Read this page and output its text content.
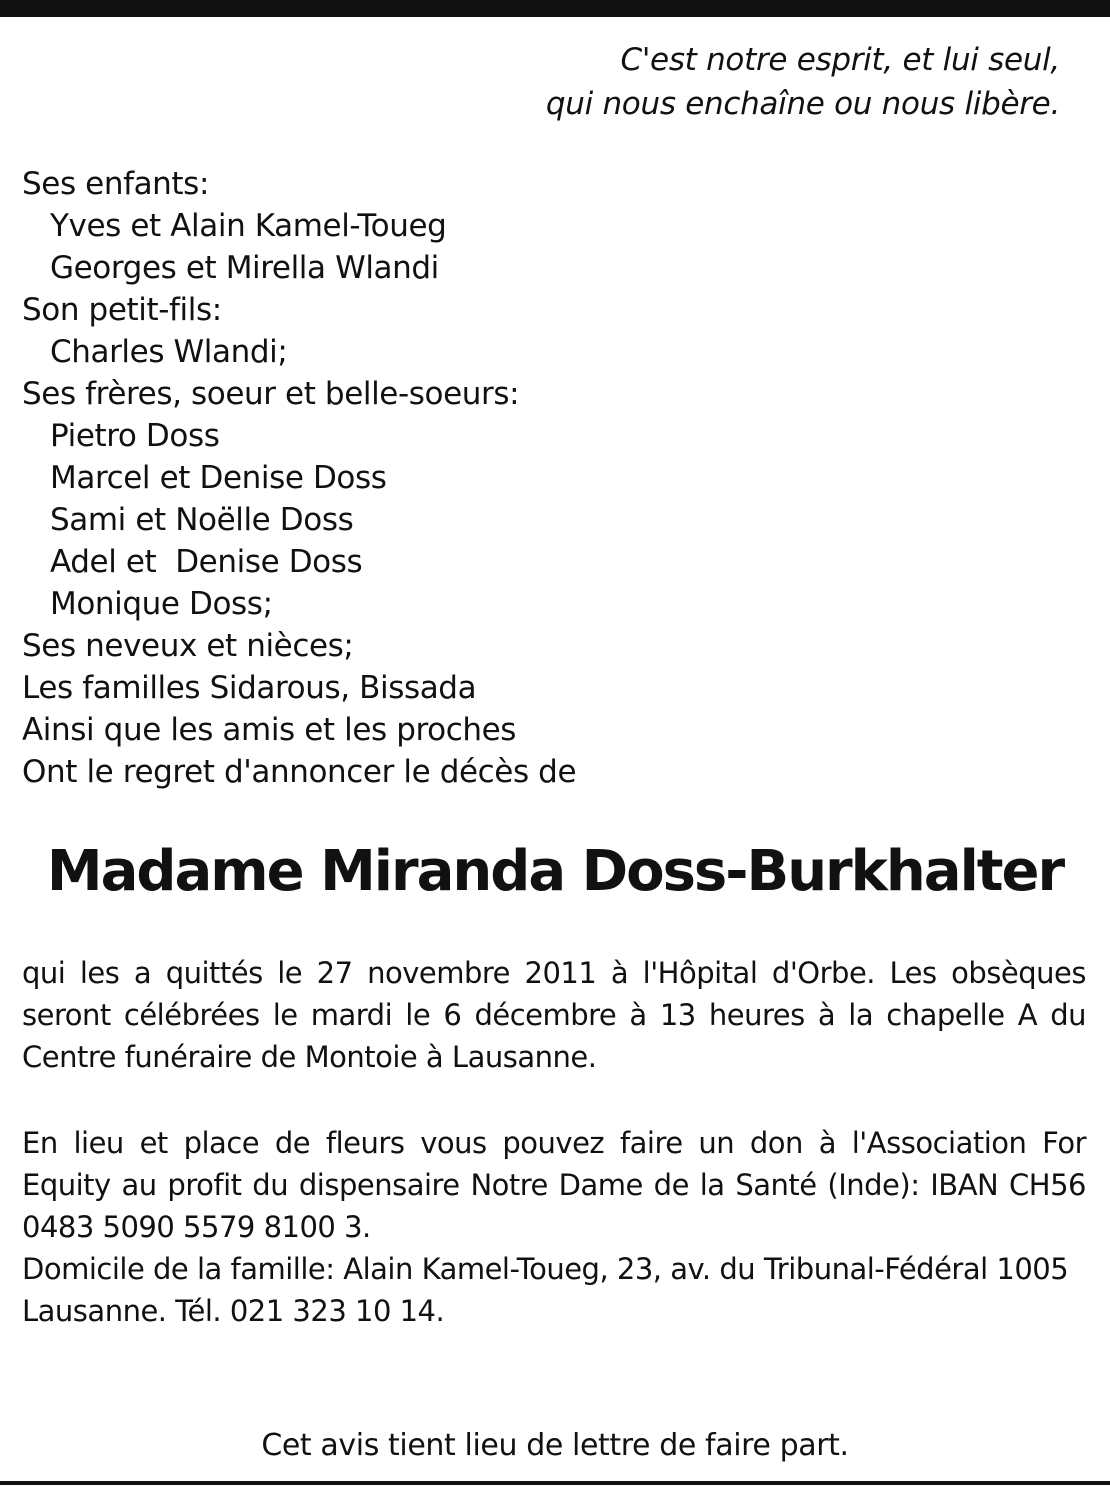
C'est notre esprit, et lui seul,
qui nous enchaîne ou nous libère.
Ses enfants:
Yves et Alain Kamel-Toueg
Georges et Mirella Wlandi
Son petit-fils:
Charles Wlandi;
Ses frères, soeur et belle-soeurs:
Pietro Doss
Marcel et Denise Doss
Sami et Noëlle Doss
Adel et  Denise Doss
Monique Doss;
Ses neveux et nièces;
Les familles Sidarous, Bissada
Ainsi que les amis et les proches
Ont le regret d'annoncer le décès de
Madame Miranda Doss-Burkhalter
qui les a quittés le 27 novembre 2011 à l'Hôpital d'Orbe. Les obsèques seront célébrées le mardi le 6 décembre à 13 heures à la chapelle A du Centre funéraire de Montoie à Lausanne.
En lieu et place de fleurs vous pouvez faire un don à l'Association For Equity au profit du dispensaire Notre Dame de la Santé (Inde): IBAN CH56 0483 5090 5579 8100 3.
Domicile de la famille: Alain Kamel-Toueg, 23, av. du Tribunal-Fédéral 1005 Lausanne. Tél. 021 323 10 14.
Cet avis tient lieu de lettre de faire part.
